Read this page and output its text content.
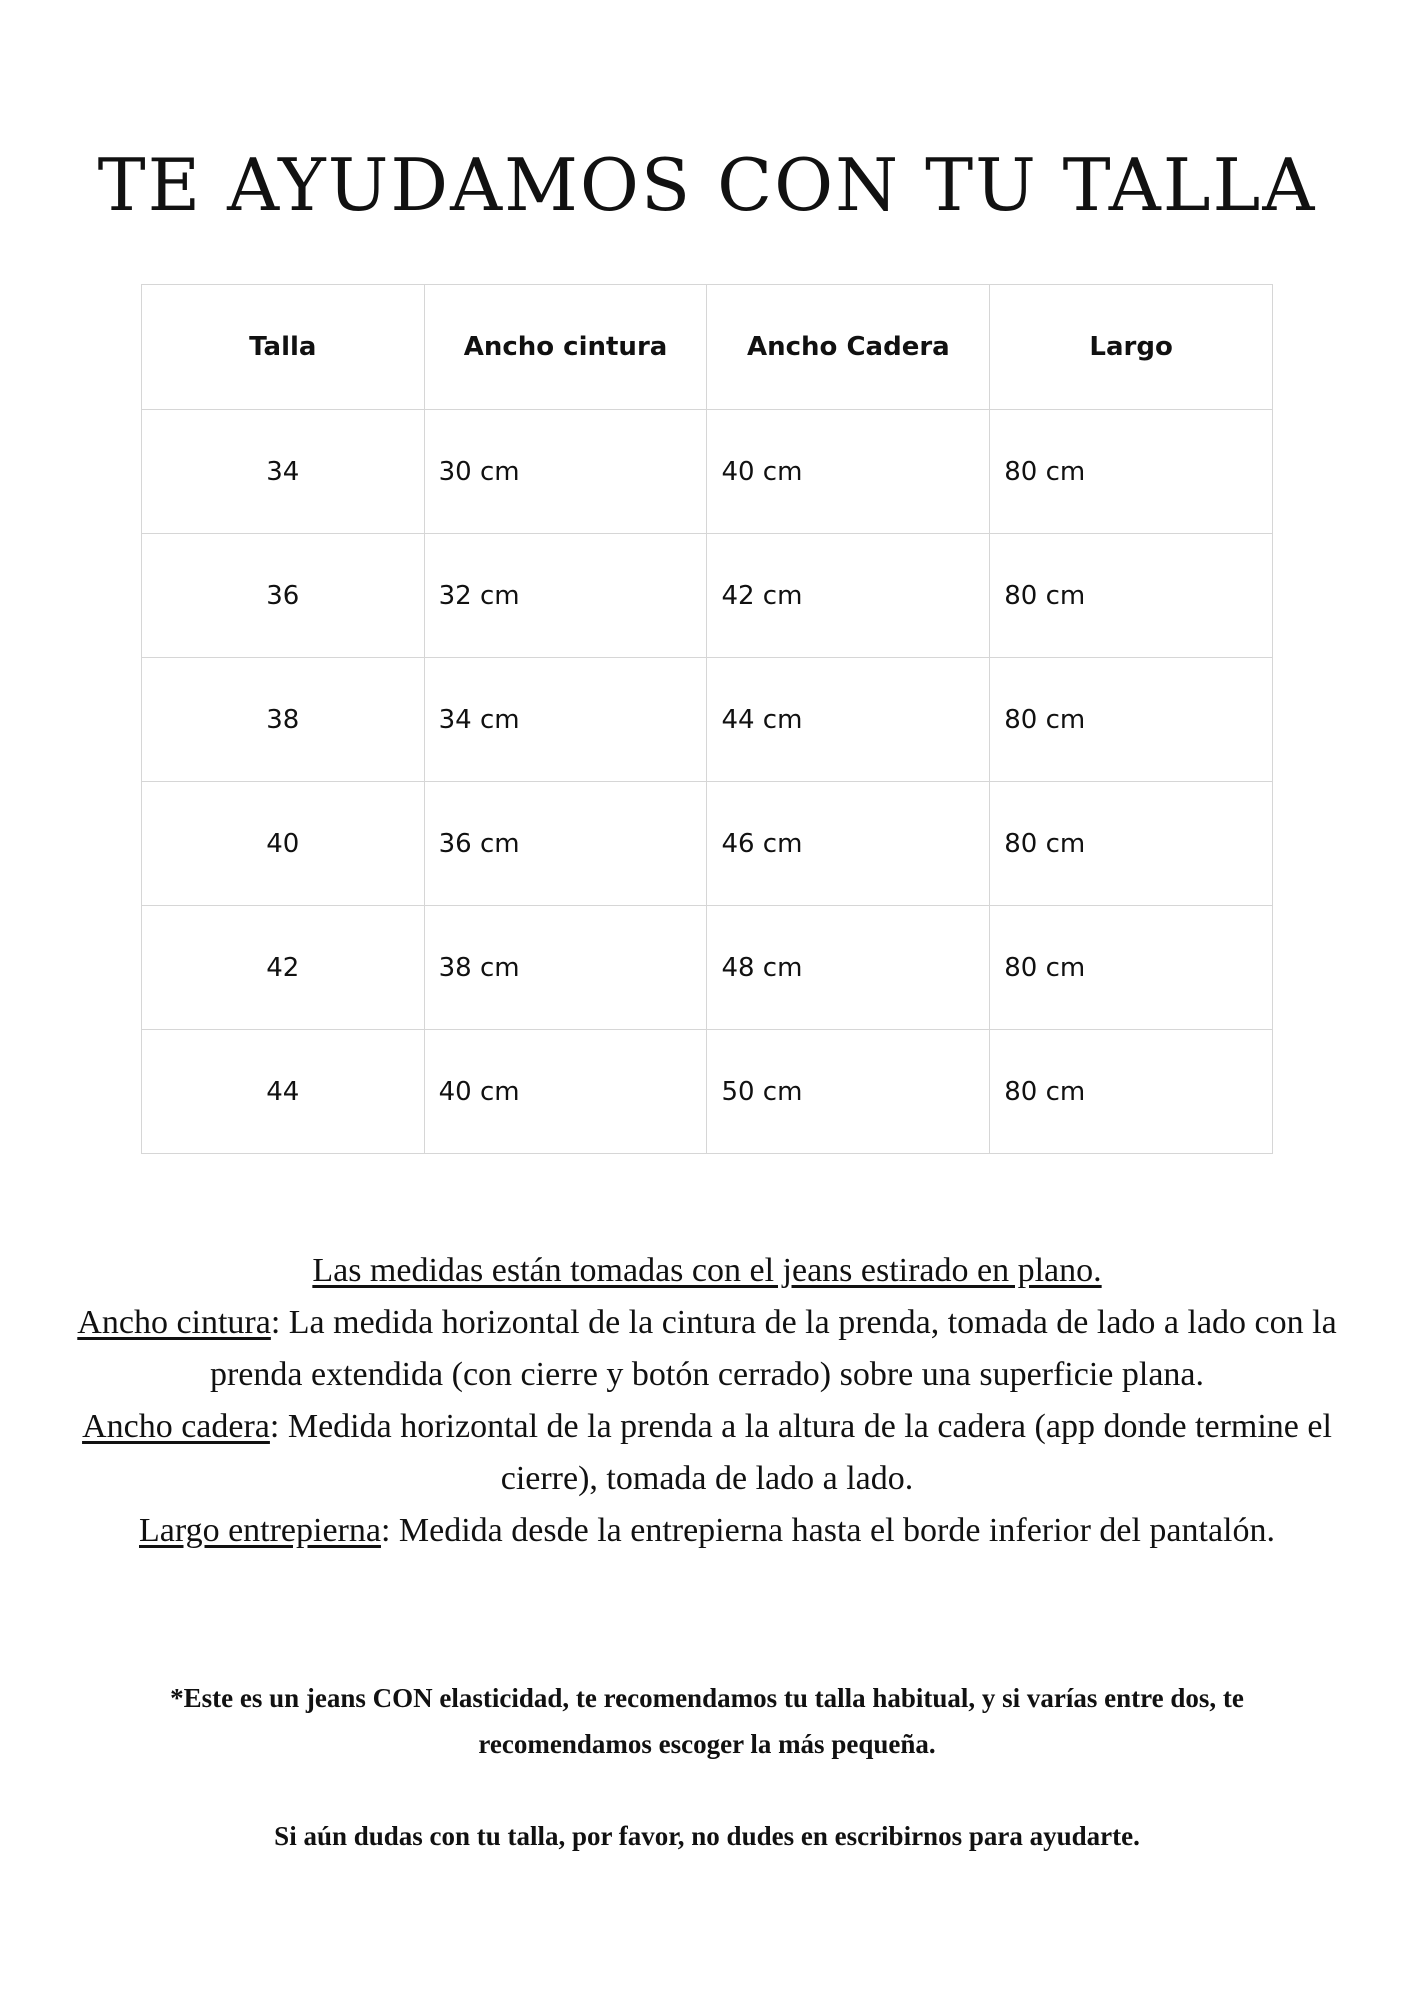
TE AYUDAMOS CON TU TALLA
Talla	Ancho cintura	Ancho Cadera	Largo
34	30 cm	40 cm	80 cm
36	32 cm	42 cm	80 cm
38	34 cm	44 cm	80 cm
40	36 cm	46 cm	80 cm
42	38 cm	48 cm	80 cm
44	40 cm	50 cm	80 cm

Las medidas están tomadas con el jeans estirado en plano.

Ancho cintura: La medida horizontal de la cintura de la prenda, tomada de lado a lado con la prenda extendida (con cierre y botón cerrado) sobre una superficie plana.

Ancho cadera: Medida horizontal de la prenda a la altura de la cadera (app donde termine el cierre), tomada de lado a lado.

Largo entrepierna: Medida desde la entrepierna hasta el borde inferior del pantalón.

*Este es un jeans CON elasticidad, te recomendamos tu talla habitual, y si varías entre dos, te recomendamos escoger la más pequeña.

Si aún dudas con tu talla, por favor, no dudes en escribirnos para ayudarte.
